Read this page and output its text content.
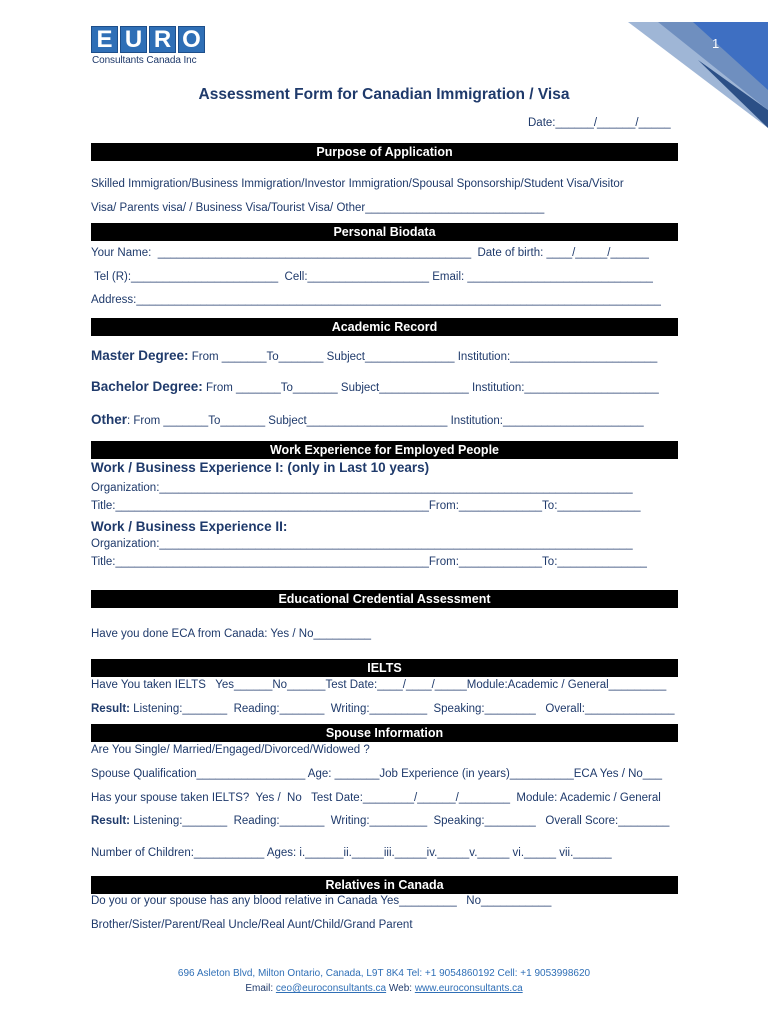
E U R O
Consultants Canada Inc
1
Assessment Form for Canadian Immigration / Visa
Date:______/______/_____
Purpose of Application
Skilled Immigration/Business Immigration/Investor Immigration/Spousal Sponsorship/Student Visa/Visitor
Visa/ Parents visa/ / Business Visa/Tourist Visa/ Other____________________________
Personal Biodata
Your Name:  _________________________________________________  Date of birth: ____/_____/______
Tel (R):_______________________  Cell:___________________ Email: _____________________________
Address:__________________________________________________________________________________
Academic Record
Master Degree: From _______To_______ Subject______________ Institution:_______________________
Bachelor Degree: From _______To_______ Subject______________ Institution:_____________________
Other: From _______To_______ Subject______________________ Institution:______________________
Work Experience for Employed People
Work / Business Experience I: (only in Last 10 years)
Organization:__________________________________________________________________________
Title:_________________________________________________From:_____________To:_____________
Work / Business Experience II:
Organization:__________________________________________________________________________
Title:_________________________________________________From:_____________To:______________
Educational Credential Assessment
Have you done ECA from Canada: Yes / No_________
IELTS
Have You taken IELTS   Yes______No______Test Date:____/____/_____Module:Academic / General_________
Result: Listening:_______  Reading:_______  Writing:_________  Speaking:________   Overall:______________
Spouse Information
Are You Single/ Married/Engaged/Divorced/Widowed ?
Spouse Qualification_________________ Age: _______Job Experience (in years)__________ECA Yes / No___
Has your spouse taken IELTS?  Yes /  No   Test Date:________/______/________  Module: Academic / General
Result: Listening:_______  Reading:_______  Writing:_________  Speaking:________   Overall Score:________
Number of Children:___________ Ages: i.______ii._____iii._____iv._____v._____ vi._____ vii.______
Relatives in Canada
Do you or your spouse has any blood relative in Canada Yes_________   No___________
Brother/Sister/Parent/Real Uncle/Real Aunt/Child/Grand Parent
696 Asleton Blvd, Milton Ontario, Canada, L9T 8K4 Tel: +1 9054860192 Cell: +1 9053998620
Email: ceo@euroconsultants.ca Web: www.euroconsultants.ca
